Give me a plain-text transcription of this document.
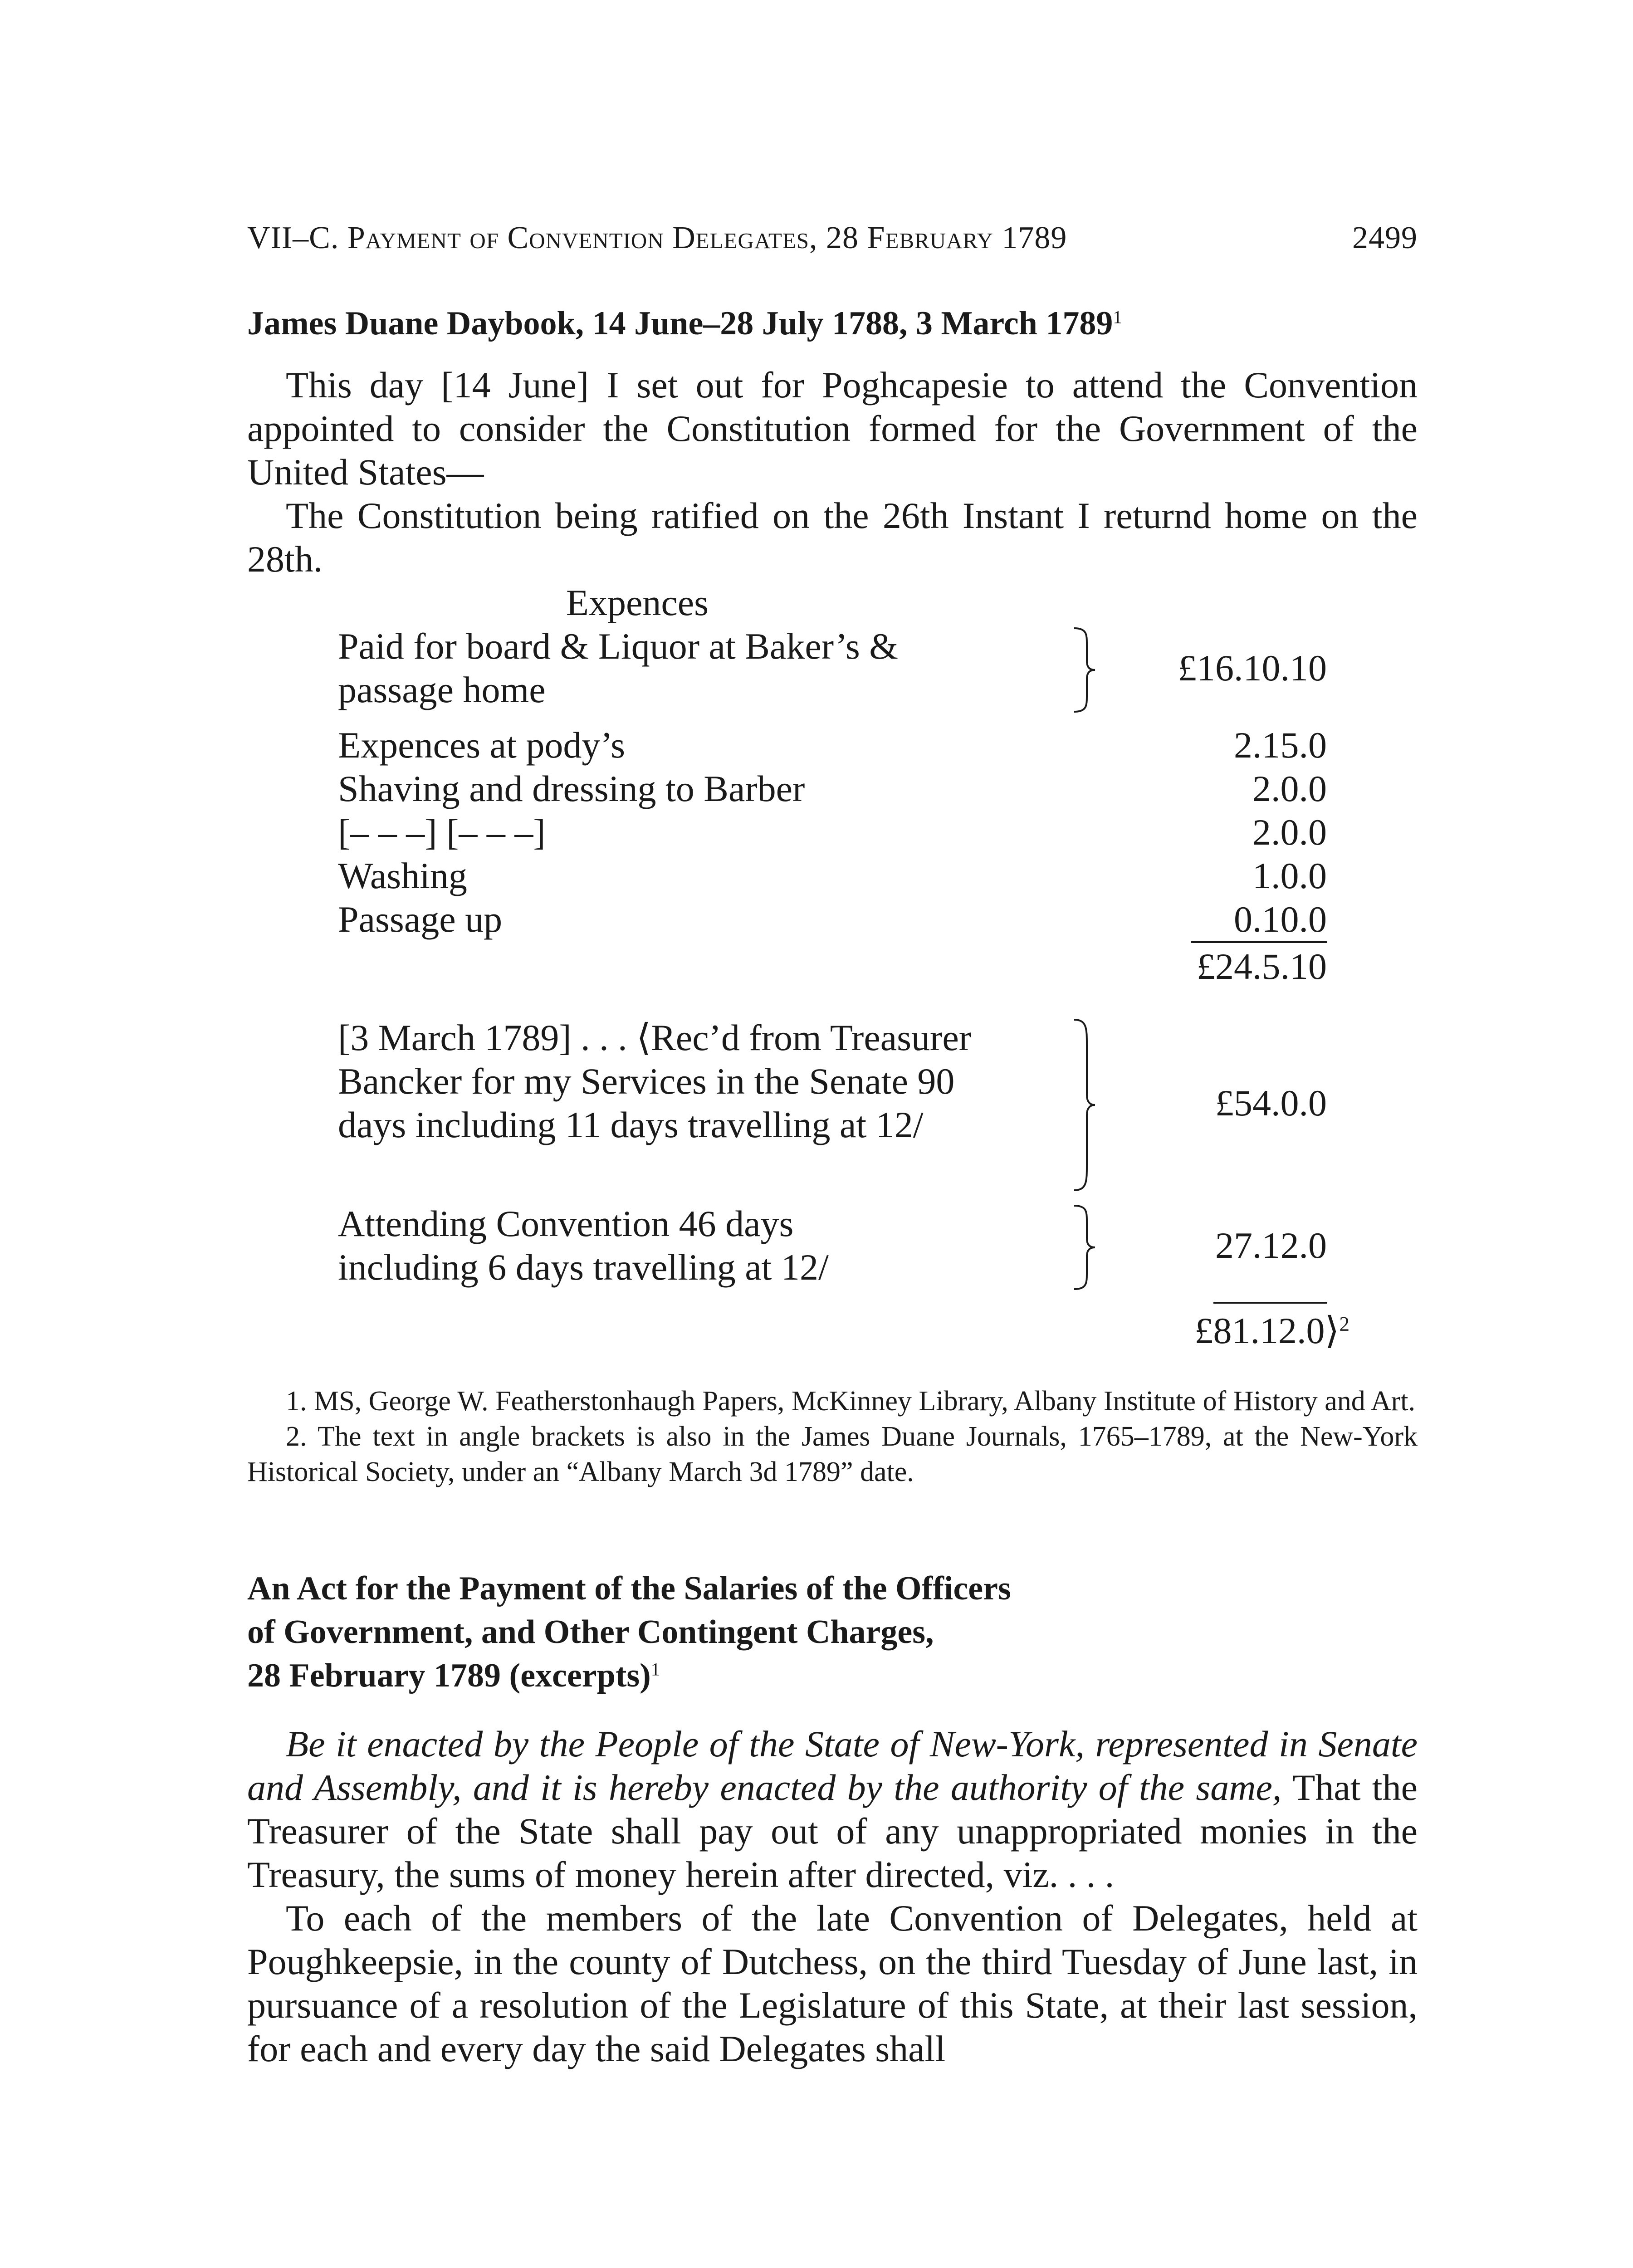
VII–C. Payment of Convention Delegates, 28 February 1789	2499
James Duane Daybook, 14 June–28 July 1788, 3 March 1789$^1$

This day [14 June] I set out for Poghcapesie to attend the Convention appointed to consider the Constitution formed for the Government of the United States—

The Constitution being ratified on the 26th Instant I returnd home on the 28th.

Expences
Paid for board & Liquor at Baker’s & passage home
£16.10.10
Expences at pody’s	2.15.0
Shaving and dressing to Barber	2.0.0
[– – –] [– – –]	2.0.0
Washing	1.0.0
Passage up	0.10.0
£24.5.10
[3 March 1789] . . . ⟨Rec’d from Treasurer Bancker for my Services in the Senate 90 days including 11 days travelling at 12/
£54.0.0
Attending Convention 46 days including 6 days travelling at 12/
27.12.0
£81.12.0⟩$^2$

1. MS, George W. Featherstonhaugh Papers, McKinney Library, Albany Institute of History and Art.

2. The text in angle brackets is also in the James Duane Journals, 1765–1789, at the New-York Historical Society, under an “Albany March 3d 1789” date.

An Act for the Payment of the Salaries of the Officers
of Government, and Other Contingent Charges,
28 February 1789 (excerpts)$^1$

Be it enacted by the People of the State of New-York, represented in Senate and Assembly, and it is hereby enacted by the authority of the same, That the Treasurer of the State shall pay out of any unappropriated monies in the Treasury, the sums of money herein after directed, viz. . . .

To each of the members of the late Convention of Delegates, held at Poughkeepsie, in the county of Dutchess, on the third Tuesday of June last, in pursuance of a resolution of the Legislature of this State, at their last session, for each and every day the said Delegates shall
